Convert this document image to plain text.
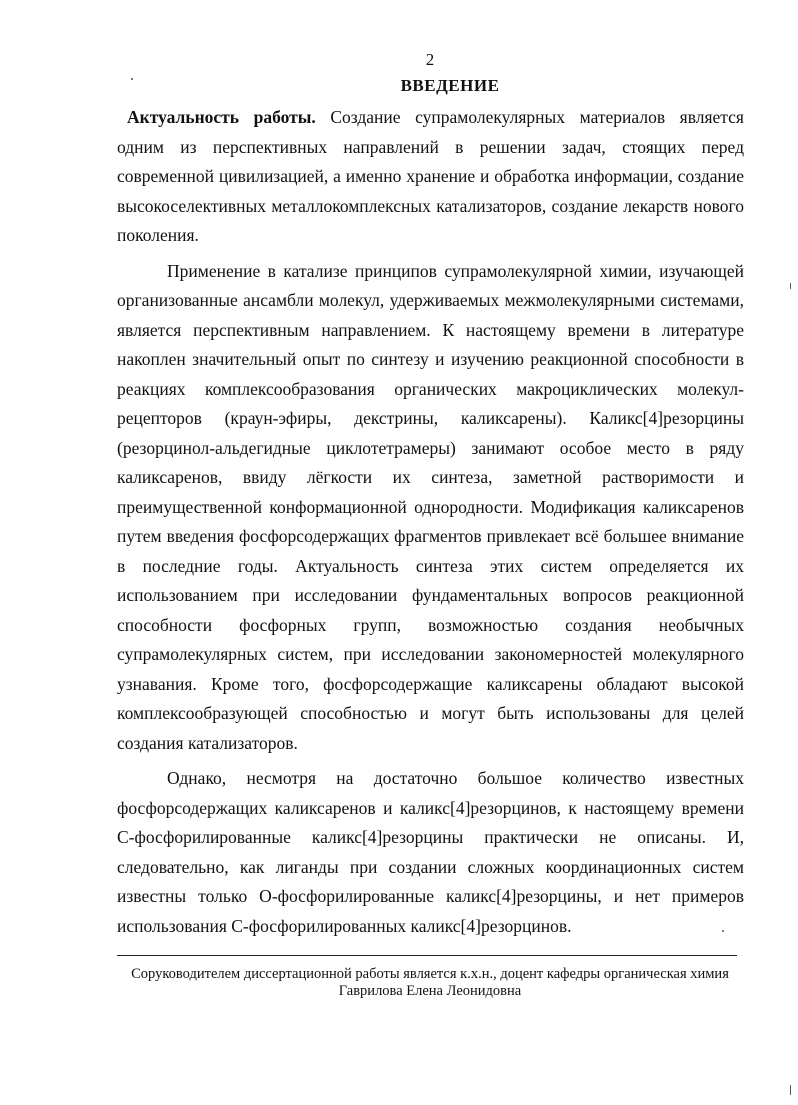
2
ВВЕДЕНИЕ

Актуальность работы. Создание супрамолекулярных материалов является одним из перспективных направлений в решении задач, стоящих перед современной цивилизацией, а именно хранение и обработка информации, создание высокоселективных металлокомплексных катализаторов, создание лекарств нового поколения.

Применение в катализе принципов супрамолекулярной химии, изучающей организованные ансамбли молекул, удерживаемых межмолекулярными системами, является перспективным направлением. К настоящему времени в литературе накоплен значительный опыт по синтезу и изучению реакционной способности в реакциях комплексообразования органических макроциклических молекул-рецепторов (краун-эфиры, декстрины, каликсарены). Каликс[4]резорцины (резорцинол-альдегидные циклотетрамеры) занимают особое место в ряду каликсаренов, ввиду лёгкости их синтеза, заметной растворимости и преимущественной конформационной однородности. Модификация каликсаренов путем введения фосфорсодержащих фрагментов привлекает всё большее внимание в последние годы. Актуальность синтеза этих систем определяется их использованием при исследовании фундаментальных вопросов реакционной способности фосфорных групп, возможностью создания необычных супрамолекулярных систем, при исследовании закономерностей молекулярного узнавания. Кроме того, фосфорсодержащие каликсарены обладают высокой комплексообразующей способностью и могут быть использованы для целей создания катализаторов.

Однако, несмотря на достаточно большое количество известных фосфорсодержащих каликсаренов и каликс[4]резорцинов, к настоящему времени С-фосфорилированные каликс[4]резорцины практически не описаны. И, следовательно, как лиганды при создании сложных координационных систем известны только О-фосфорилированные каликс[4]резорцины, и нет примеров использования С-фосфорилированных каликс[4]резорцинов.

Соруководителем диссертационной работы является к.х.н., доцент кафедры органическая химия
Гаврилова Елена Леонидовна
